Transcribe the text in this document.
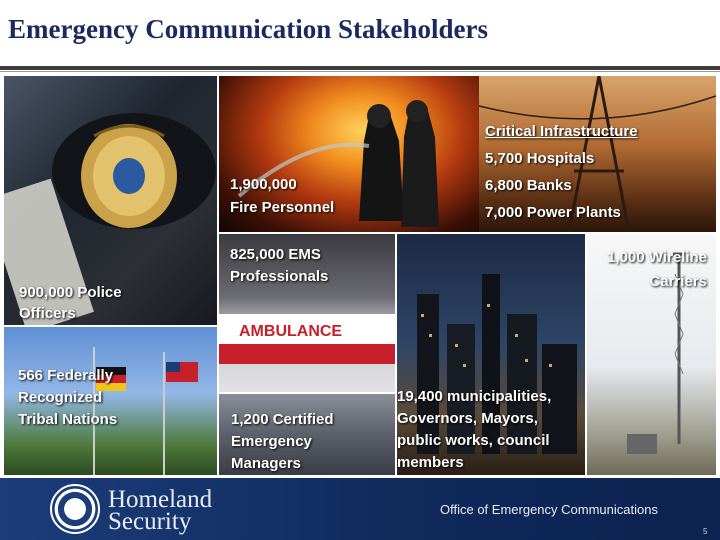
Emergency Communication Stakeholders
900,000 Police Officers
1,900,000
Fire Personnel
Critical Infrastructure
5,700 Hospitals
6,800 Banks
7,000 Power Plants
AMBULANCE
825,000 EMS Professionals
19,400 municipalities, Governors, Mayors, public works, council members
1,000 Wireline Carriers
566 Federally Recognized Tribal Nations	1,200 Certified Emergency Managers
Homeland
Security	Office of Emergency Communications
5
